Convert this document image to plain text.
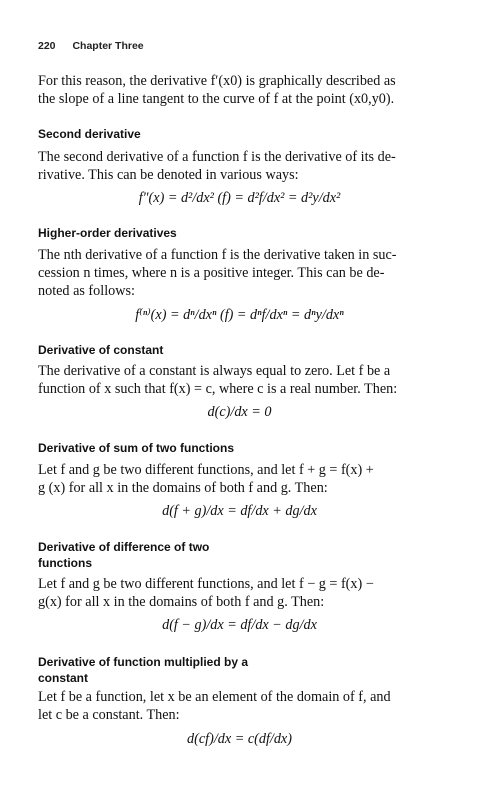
220 Chapter Three

For this reason, the derivative f′(x0) is graphically described as

the slope of a line tangent to the curve of f at the point (x0,y0).

Second derivative

The second derivative of a function f is the derivative of its de-

rivative. This can be denoted in various ways:

f″(x) = d²/dx² (f) = d²f/dx² = d²y/dx²

Higher-order derivatives

The nth derivative of a function f is the derivative taken in suc-

cession n times, where n is a positive integer. This can be de-

noted as follows:

f⁽ⁿ⁾(x) = dⁿ/dxⁿ (f) = dⁿf/dxⁿ = dⁿy/dxⁿ

Derivative of constant

The derivative of a constant is always equal to zero. Let f be a

function of x such that f(x) = c, where c is a real number. Then:

d(c)/dx = 0

Derivative of sum of two functions

Let f and g be two different functions, and let f + g = f(x) +

g (x) for all x in the domains of both f and g. Then:

d(f + g)/dx = df/dx + dg/dx

Derivative of difference of two

functions

Let f and g be two different functions, and let f − g = f(x) −

g(x) for all x in the domains of both f and g. Then:

d(f − g)/dx = df/dx − dg/dx

Derivative of function multiplied by a

constant

Let f be a function, let x be an element of the domain of f, and

let c be a constant. Then:

d(cf)/dx = c(df/dx)
